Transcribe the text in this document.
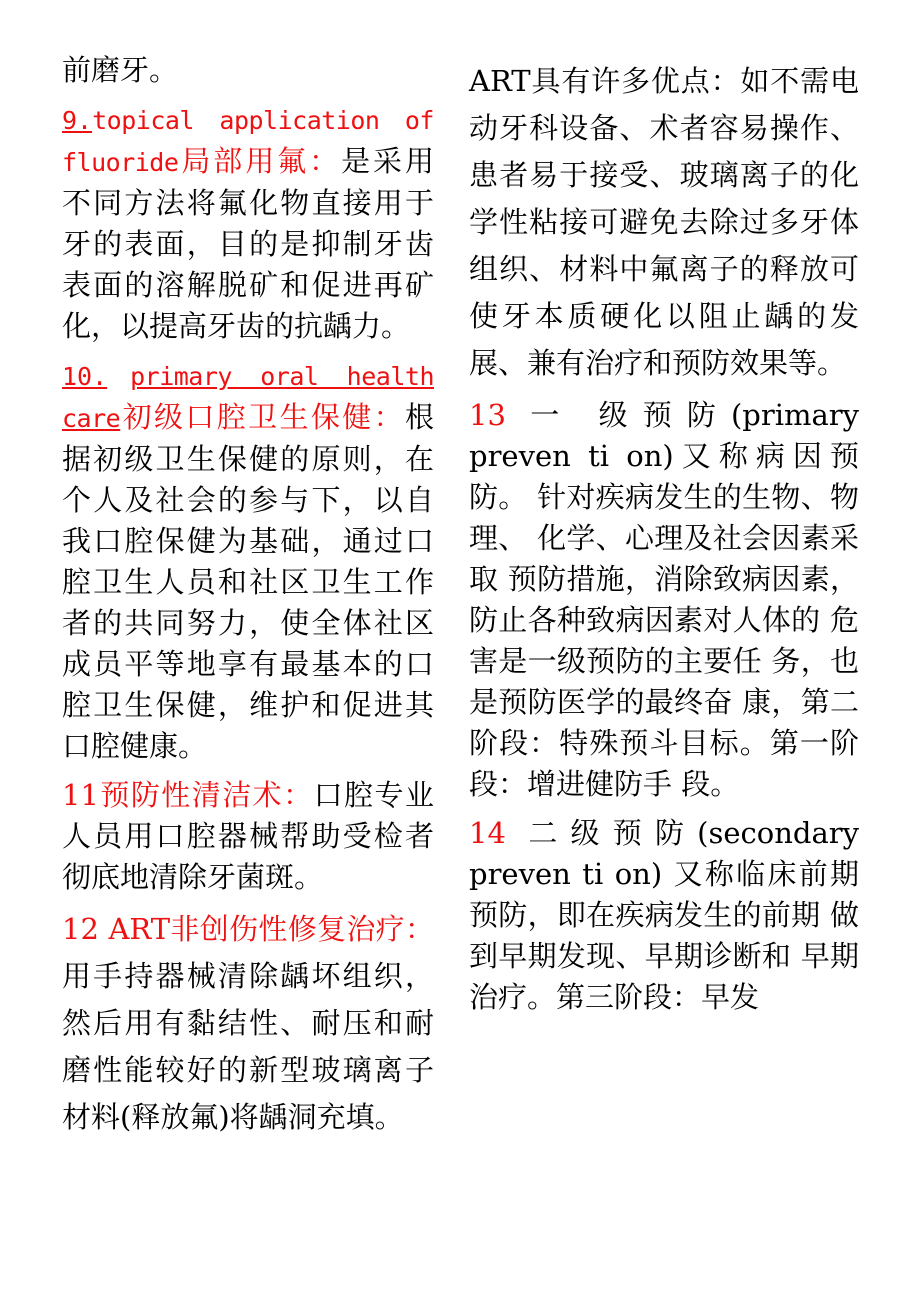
前磨牙。

9.topical application of fluoride局部用氟：是采用不同方法将氟化物直接用于牙的表面，目的是抑制牙齿表面的溶解脱矿和促进再矿化，以提高牙齿的抗龋力。

10. primary oral health care初级口腔卫生保健：根据初级卫生保健的原则，在个人及社会的参与下，以自我口腔保健为基础，通过口腔卫生人员和社区卫生工作者的共同努力，使全体社区成员平等地享有最基本的口腔卫生保健，维护和促进其口腔健康。

11预防性清洁术：口腔专业人员用口腔器械帮助受检者彻底地清除牙菌斑。

12 ART非创伤性修复治疗：用手持器械清除龋坏组织，然后用有黏结性、耐压和耐磨性能较好的新型玻璃离子材料(释放氟)将龋洞充填。

ART具有许多优点：如不需电动牙科设备、术者容易操作、患者易于接受、玻璃离子的化学性粘接可避免去除过多牙体组织、材料中氟离子的释放可使牙本质硬化以阻止龋的发展、兼有治疗和预防效果等。

13 一 级预防(primary preven ti on)又称病因预防。 针对疾病发生的生物、物理、 化学、心理及社会因素采取 预防措施，消除致病因素， 防止各种致病因素对人体的 危害是一级预防的主要任 务，也是预防医学的最终奋 康，第二阶段：特殊预斗目标。第一阶段：增进健防手 段。

14 二级预防(secondary preven ti on) 又称临床前期 预防，即在疾病发生的前期 做到早期发现、早期诊断和 早期治疗。第三阶段：早发
